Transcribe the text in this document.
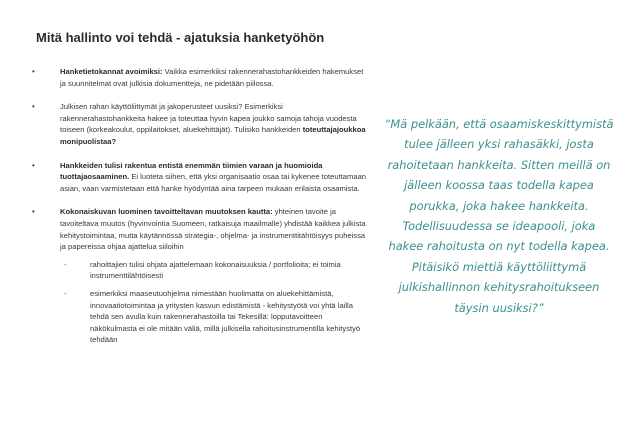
Mitä hallinto voi tehdä - ajatuksia hanketyöhön
•	Hanketietokannat avoimiksi: Vaikka esimerkiksi rakennerahastohankkeiden hakemukset ja suunnitelmat ovat julkisia dokumentteja, ne pidetään piilossa.

•	Julkisen rahan käyttöliittymät ja jakoperusteet uusiksi? Esimerkiksi rakennerahastohankkeita hakee ja toteuttaa hyvin kapea joukko samoja tahoja vuodesta toiseen (korkeakoulut, oppilaitokset, aluekehittäjät). Tulisiko hankkeiden toteuttajajoukkoa monipuolistaa?

•	Hankkeiden tulisi rakentua entistä enemmän tiimien varaan ja huomioida tuottajaosaaminen. Ei luoteta siihen, että yksi organisaatio osaa tai kykenee toteuttamaan asian, vaan varmistetaan että hanke hyödyntää aina tarpeen mukaan erilaista osaamista.

•	Kokonaiskuvan luominen tavoitteltavan muutoksen kautta: yhteinen tavoite ja tavoiteltava muutos (hyvinvointia Suomeen, ratkaisuja maailmalle) yhdistää kaikkea julkista kehitystoimintaa, mutta käytännössä strategia-, ohjelma- ja instrumenttitähtöisyys puheissa ja papereissa ohjaa ajattelua siiloihin

-	rahoittajien tulisi ohjata ajattelemaan kokonaisuuksia / portfolioita; ei toimia instrumenttilähtöisesti

-	esimerkiksi maaseutuohjelma nimestään huolimatta on aluekehittämistä, innovaatiotoimintaa ja yritysten kasvun edistämistä - kehitystyötä voi yhtä lailla tehdä sen avulla kuin rakennerahastoilla tai Tekesillä: lopputavoitteen näkökulmasta ei ole mitään väliä, millä julkisella rahoitusinstrumentilla kehitystyö tehdään

“Mä pelkään, että osaamiskeskittymistä tulee jälleen yksi rahasäkki, josta rahoitetaan hankkeita. Sitten meillä on jälleen koossa taas todella kapea porukka, joka hakee hankkeita. Todellisuudessa se ideapooli, joka hakee rahoitusta on nyt todella kapea. Pitäisikö miettiä käyttöliittymä julkishallinnon kehitysrahoitukseen täysin uusiksi?”
